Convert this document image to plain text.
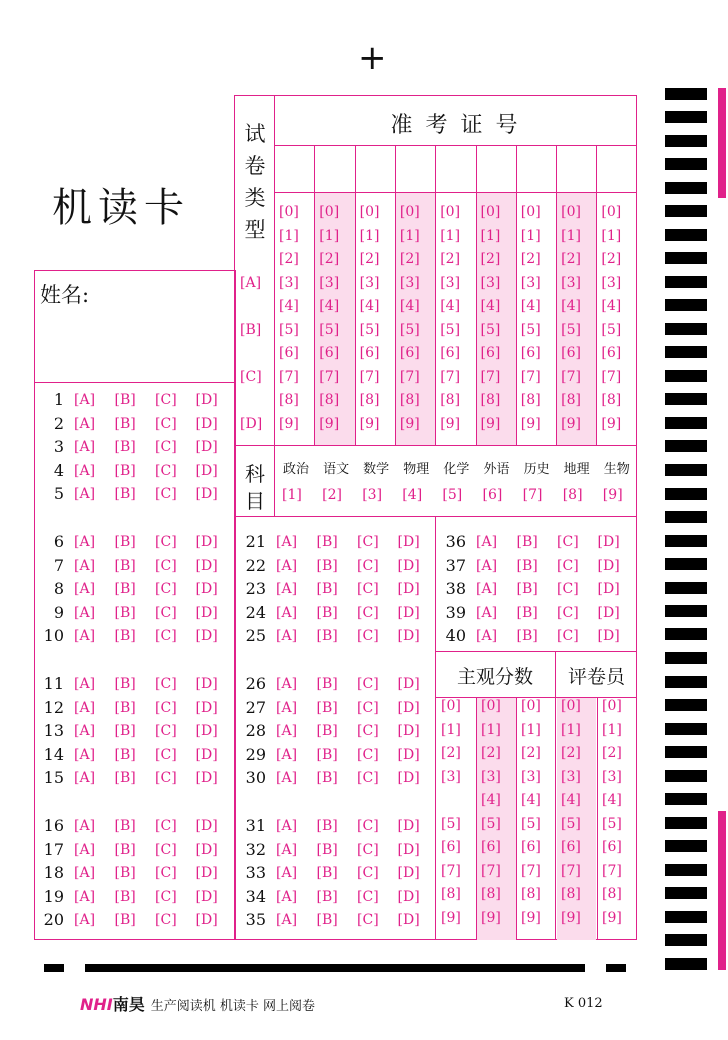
+
机读卡
姓名:
准 考 证 号
试
卷
类
型
科
目
主观分数	评卷员
[A]
[B]
[C]
[D]
[0]
[1]
[2]
[3]
[4]
[5]
[6]
[7]
[8]
[9]
[0]
[1]
[2]
[3]
[4]
[5]
[6]
[7]
[8]
[9]
[0]
[1]
[2]
[3]
[4]
[5]
[6]
[7]
[8]
[9]
[0]
[1]
[2]
[3]
[4]
[5]
[6]
[7]
[8]
[9]
[0]
[1]
[2]
[3]
[4]
[5]
[6]
[7]
[8]
[9]
[0]
[1]
[2]
[3]
[4]
[5]
[6]
[7]
[8]
[9]
[0]
[1]
[2]
[3]
[4]
[5]
[6]
[7]
[8]
[9]
[0]
[1]
[2]
[3]
[4]
[5]
[6]
[7]
[8]
[9]
[0]
[1]
[2]
[3]
[4]
[5]
[6]
[7]
[8]
[9]
政治
[1]
语文
[2]
数学
[3]
物理
[4]
化学
[5]
外语
[6]
历史
[7]
地理
[8]
生物
[9]
1 [A] [B] [C] [D]
2 [A] [B] [C] [D]
3 [A] [B] [C] [D]
4 [A] [B] [C] [D]
5 [A] [B] [C] [D]
6 [A] [B] [C] [D]
7 [A] [B] [C] [D]
8 [A] [B] [C] [D]
9 [A] [B] [C] [D]
10 [A] [B] [C] [D]
11 [A] [B] [C] [D]
12 [A] [B] [C] [D]
13 [A] [B] [C] [D]
14 [A] [B] [C] [D]
15 [A] [B] [C] [D]
16 [A] [B] [C] [D]
17 [A] [B] [C] [D]
18 [A] [B] [C] [D]
19 [A] [B] [C] [D]
20 [A] [B] [C] [D]
21 [A] [B] [C] [D]
22 [A] [B] [C] [D]
23 [A] [B] [C] [D]
24 [A] [B] [C] [D]
25 [A] [B] [C] [D]
26 [A] [B] [C] [D]
27 [A] [B] [C] [D]
28 [A] [B] [C] [D]
29 [A] [B] [C] [D]
30 [A] [B] [C] [D]
31 [A] [B] [C] [D]
32 [A] [B] [C] [D]
33 [A] [B] [C] [D]
34 [A] [B] [C] [D]
35 [A] [B] [C] [D]
36 [A] [B] [C] [D]
37 [A] [B] [C] [D]
38 [A] [B] [C] [D]
39 [A] [B] [C] [D]
40 [A] [B] [C] [D]
[0]
[1]
[2]
[3]
[5]
[6]
[7]
[8]
[9]
[0]
[1]
[2]
[3]
[4]
[5]
[6]
[7]
[8]
[9]
[0]
[1]
[2]
[3]
[4]
[5]
[6]
[7]
[8]
[9]
[0]
[1]
[2]
[3]
[4]
[5]
[6]
[7]
[8]
[9]
[0]
[1]
[2]
[3]
[4]
[5]
[6]
[7]
[8]
[9]
NHI南昊 生产阅读机 机读卡 网上阅卷	K 012
